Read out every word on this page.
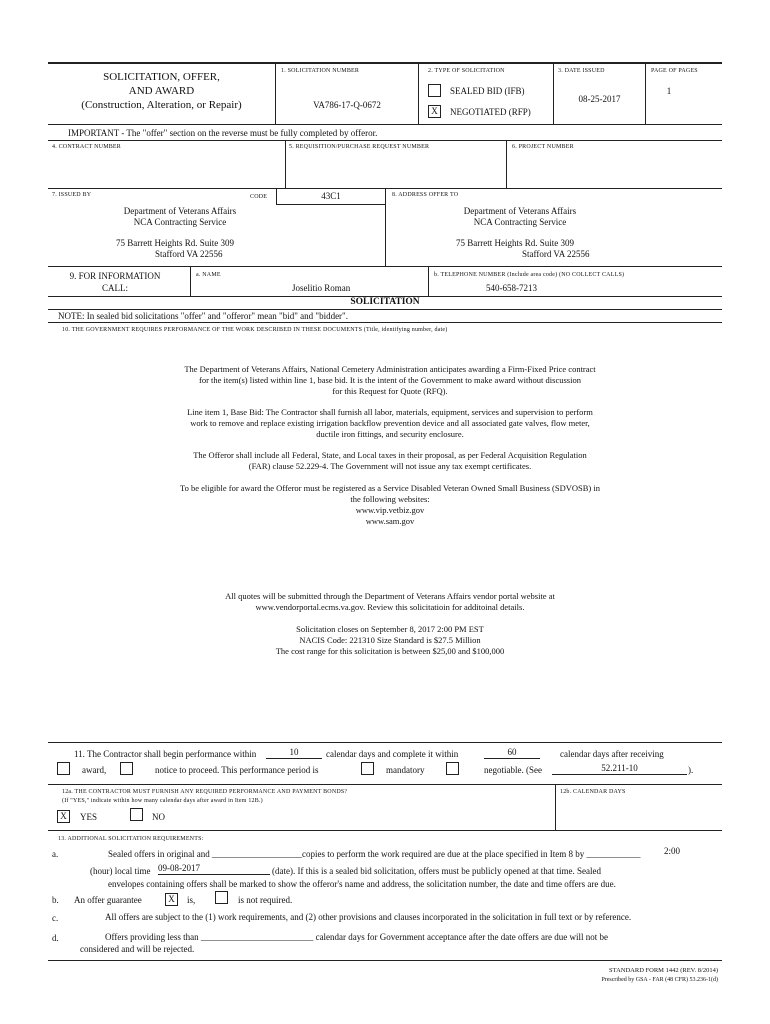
SOLICITATION, OFFER,
AND AWARD
(Construction, Alteration, or Repair)
1. SOLICITATION NUMBER
VA786-17-Q-0672
2. TYPE OF SOLICITATION
SEALED BID (IFB)
X	NEGOTIATED (RFP)
3. DATE ISSUED
08-25-2017
PAGE OF PAGES
1
IMPORTANT - The "offer" section on the reverse must be fully completed by offeror.
4. CONTRACT NUMBER	5. REQUISITION/PURCHASE REQUEST NUMBER	6. PROJECT NUMBER
7. ISSUED BY	CODE	43C1
Department of Veterans Affairs
NCA Contracting Service
75 Barrett Heights Rd. Suite 309
Stafford VA 22556
8. ADDRESS OFFER TO
Department of Veterans Affairs
NCA Contracting Service
75 Barrett Heights Rd. Suite 309
Stafford VA 22556
9. FOR INFORMATION
CALL:
a. NAME
Joselitio Roman
b. TELEPHONE NUMBER (Include area code) (NO COLLECT CALLS)
540-658-7213
SOLICITATION
NOTE: In sealed bid solicitations "offer" and "offeror" mean "bid" and "bidder".
10. THE GOVERNMENT REQUIRES PERFORMANCE OF THE WORK DESCRIBED IN THESE DOCUMENTS (Title, identifying number, date)
The Department of Veterans Affairs, National Cemetery Administration anticipates awarding a Firm-Fixed Price contract
for the item(s) listed within line 1, base bid. It is the intent of the Government to make award without discussion
for this Request for Quote (RFQ).
Line item 1, Base Bid: The Contractor shall furnish all labor, materials, equipment, services and supervision to perform
work to remove and replace existing irrigation backflow prevention device and all associated gate valves, flow meter,
ductile iron fittings, and security enclosure.
The Offeror shall include all Federal, State, and Local taxes in their proposal, as per Federal Acquisition Regulation
(FAR) clause 52.229-4. The Government will not issue any tax exempt certificates.
To be eligible for award the Offeror must be registered as a Service Disabled Veteran Owned Small Business (SDVOSB) in
the following websites:
www.vip.vetbiz.gov
www.sam.gov
All quotes will be submitted through the Department of Veterans Affairs vendor portal website at
www.vendorportal.ecms.va.gov. Review this solicitatioin for additoinal details.
Solicitation closes on September 8, 2017 2:00 PM EST
NACIS Code: 221310 Size Standard is $27.5 Million
The cost range for this solicitation is between $25,00 and $100,000
11. The Contractor shall begin performance within	10	calendar days and complete it within	60	calendar days after receiving
award,	notice to proceed. This performance period is	mandatory	negotiable. (See	52.211-10	).
12a. THE CONTRACTOR MUST FURNISH ANY REQUIRED PERFORMANCE AND PAYMENT BONDS?
(If "YES," indicate within how many calendar days after award in Item 12B.)
X	YES	NO
12b. CALENDAR DAYS
13. ADDITIONAL SOLICITATION REQUIREMENTS:
a.	Sealed offers in original and ____________________copies to perform the work required are due at the place specified in Item 8 by ____________	2:00
(hour) local time 09-08-2017	(date). If this is a sealed bid solicitation, offers must be publicly opened at that time. Sealed
envelopes containing offers shall be marked to show the offeror's name and address, the solicitation number, the date and time offers are due.
b. An offer guarantee	X	is,	is not required.
c.	All offers are subject to the (1) work requirements, and (2) other provisions and clauses incorporated in the solicitation in full text or by reference.
d.	Offers providing less than _________________________ calendar days for Government acceptance after the date offers are due will not be
considered and will be rejected.
STANDARD FORM 1442 (REV. 8/2014)
Prescribed by GSA - FAR (48 CFR) 53.236-1(d)
